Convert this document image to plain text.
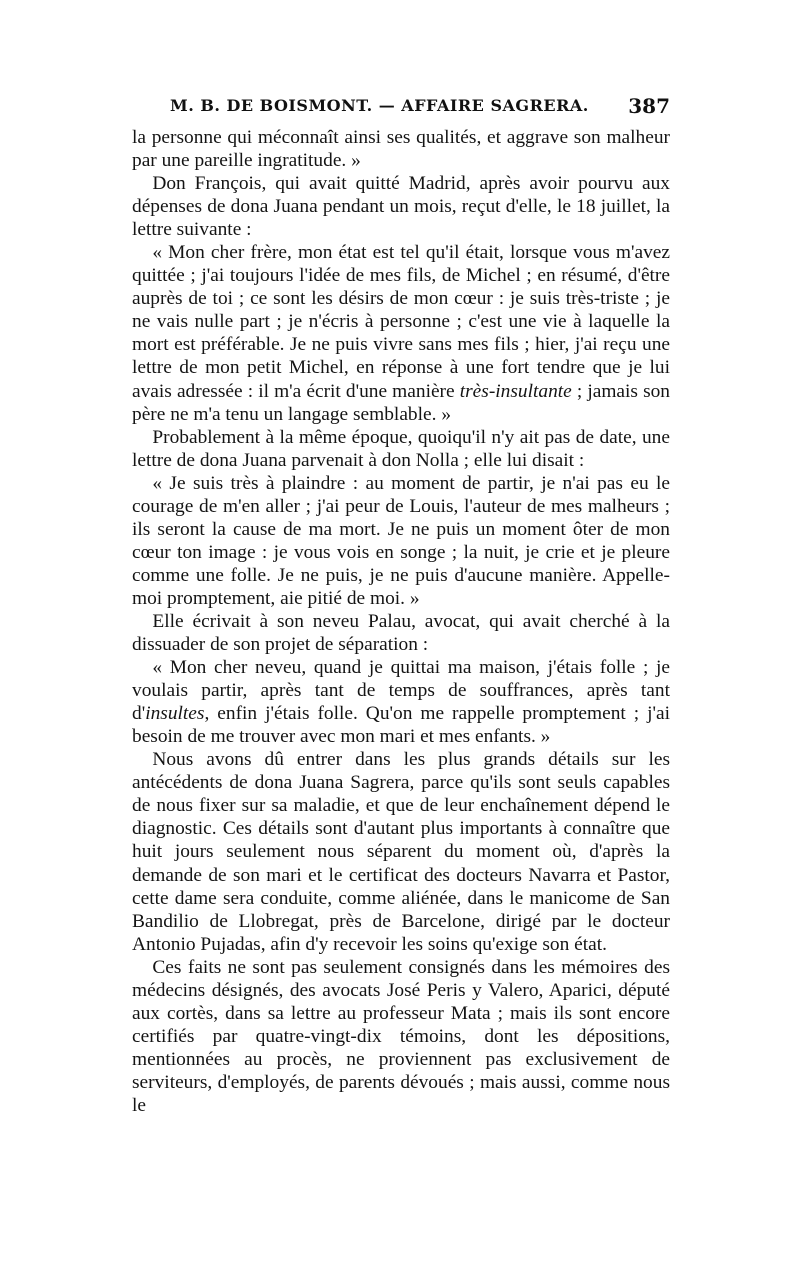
M. B. DE BOISMONT. — AFFAIRE SAGRERA. 387

la personne qui méconnaît ainsi ses qualités, et aggrave son malheur par une pareille ingratitude. »

Don François, qui avait quitté Madrid, après avoir pourvu aux dépenses de dona Juana pendant un mois, reçut d'elle, le 18 juillet, la lettre suivante :

« Mon cher frère, mon état est tel qu'il était, lorsque vous m'avez quittée ; j'ai toujours l'idée de mes fils, de Michel ; en résumé, d'être auprès de toi ; ce sont les désirs de mon cœur : je suis très-triste ; je ne vais nulle part ; je n'écris à personne ; c'est une vie à laquelle la mort est préférable. Je ne puis vivre sans mes fils ; hier, j'ai reçu une lettre de mon petit Michel, en réponse à une fort tendre que je lui avais adressée : il m'a écrit d'une manière très-insultante ; jamais son père ne m'a tenu un langage semblable. »

Probablement à la même époque, quoiqu'il n'y ait pas de date, une lettre de dona Juana parvenait à don Nolla ; elle lui disait :

« Je suis très à plaindre : au moment de partir, je n'ai pas eu le courage de m'en aller ; j'ai peur de Louis, l'auteur de mes malheurs ; ils seront la cause de ma mort. Je ne puis un moment ôter de mon cœur ton image : je vous vois en songe ; la nuit, je crie et je pleure comme une folle. Je ne puis, je ne puis d'aucune manière. Appelle-moi promptement, aie pitié de moi. »

Elle écrivait à son neveu Palau, avocat, qui avait cherché à la dissuader de son projet de séparation :

« Mon cher neveu, quand je quittai ma maison, j'étais folle ; je voulais partir, après tant de temps de souffrances, après tant d'insultes, enfin j'étais folle. Qu'on me rappelle promptement ; j'ai besoin de me trouver avec mon mari et mes enfants. »

Nous avons dû entrer dans les plus grands détails sur les antécédents de dona Juana Sagrera, parce qu'ils sont seuls capables de nous fixer sur sa maladie, et que de leur enchaînement dépend le diagnostic. Ces détails sont d'autant plus importants à connaître que huit jours seulement nous séparent du moment où, d'après la demande de son mari et le certificat des docteurs Navarra et Pastor, cette dame sera conduite, comme aliénée, dans le manicome de San Bandilio de Llobregat, près de Barcelone, dirigé par le docteur Antonio Pujadas, afin d'y recevoir les soins qu'exige son état.

Ces faits ne sont pas seulement consignés dans les mémoires des médecins désignés, des avocats José Peris y Valero, Aparici, député aux cortès, dans sa lettre au professeur Mata ; mais ils sont encore certifiés par quatre-vingt-dix témoins, dont les dépositions, mentionnées au procès, ne proviennent pas exclusivement de serviteurs, d'employés, de parents dévoués ; mais aussi, comme nous le
